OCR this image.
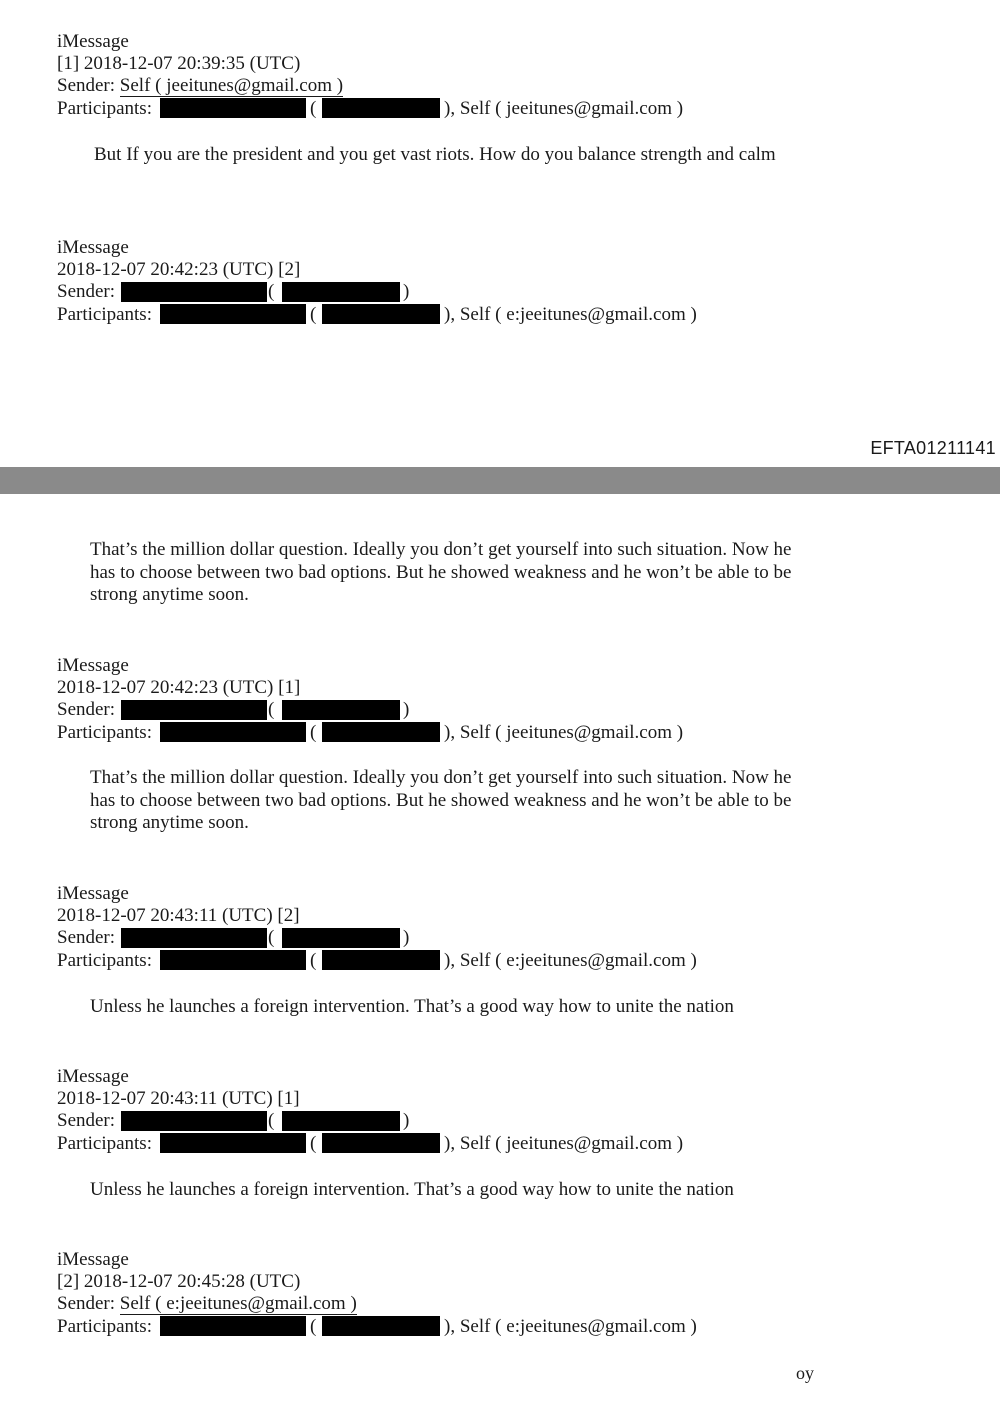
iMessage
[1] 2018-12-07 20:39:35 (UTC)
Sender: Self ( jeeitunes@gmail.com )
Participants:	(	), Self ( jeeitunes@gmail.com )
But If you are the president and you get vast riots. How do you balance strength and calm
iMessage
2018-12-07 20:42:23 (UTC) [2]
Sender:	(	)
Participants:	(	), Self ( e:jeeitunes@gmail.com )
EFTA01211141
That’s the million dollar question. Ideally you don’t get yourself into such situation. Now he has to choose between two bad options. But he showed weakness and he won’t be able to be strong anytime soon.
iMessage
2018-12-07 20:42:23 (UTC) [1]
Sender:	(	)
Participants:	(	), Self ( jeeitunes@gmail.com )
That’s the million dollar question. Ideally you don’t get yourself into such situation. Now he has to choose between two bad options. But he showed weakness and he won’t be able to be strong anytime soon.
iMessage
2018-12-07 20:43:11 (UTC) [2]
Sender:	(	)
Participants:	(	), Self ( e:jeeitunes@gmail.com )
Unless he launches a foreign intervention. That’s a good way how to unite the nation
iMessage
2018-12-07 20:43:11 (UTC) [1]
Sender:	(	)
Participants:	(	), Self ( jeeitunes@gmail.com )
Unless he launches a foreign intervention. That’s a good way how to unite the nation
iMessage
[2] 2018-12-07 20:45:28 (UTC)
Sender: Self ( e:jeeitunes@gmail.com )
Participants:	(	), Self ( e:jeeitunes@gmail.com )
oy
